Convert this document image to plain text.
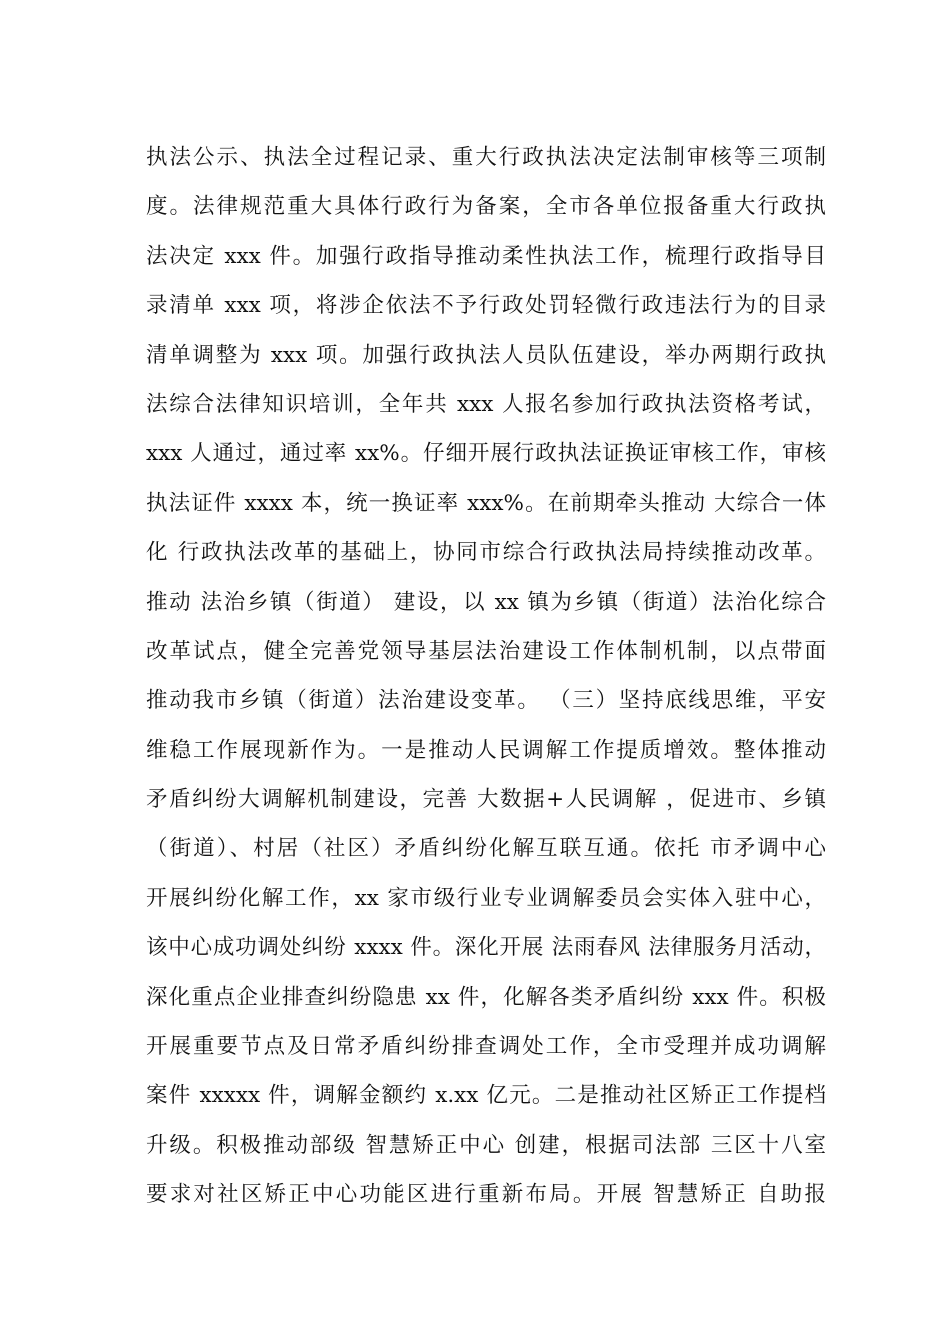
执法公示、执法全过程记录、重大行政执法决定法制审核等三项制
度。法律规范重大具体行政行为备案，全市各单位报备重大行政执
法决定 xxx 件。加强行政指导推动柔性执法工作，梳理行政指导目
录清单 xxx 项，将涉企依法不予行政处罚轻微行政违法行为的目录
清单调整为 xxx 项。加强行政执法人员队伍建设，举办两期行政执
法综合法律知识培训，全年共 xxx 人报名参加行政执法资格考试，
xxx 人通过，通过率 xx%。仔细开展行政执法证换证审核工作，审核
执法证件 xxxx 本，统一换证率 xxx%。在前期牵头推动 大综合一体
化 行政执法改革的基础上，协同市综合行政执法局持续推动改革。
推动 法治乡镇（街道） 建设，以 xx 镇为乡镇（街道）法治化综合
改革试点，健全完善党领导基层法治建设工作体制机制，以点带面
推动我市乡镇（街道）法治建设变革。 （三）坚持底线思维，平安
维稳工作展现新作为。一是推动人民调解工作提质增效。整体推动
矛盾纠纷大调解机制建设，完善 大数据+人民调解 ，促进市、乡镇
（街道）、村居（社区）矛盾纠纷化解互联互通。依托 市矛调中心
开展纠纷化解工作，xx 家市级行业专业调解委员会实体入驻中心，
该中心成功调处纠纷 xxxx 件。深化开展 法雨春风 法律服务月活动，
深化重点企业排查纠纷隐患 xx 件，化解各类矛盾纠纷 xxx 件。积极
开展重要节点及日常矛盾纠纷排查调处工作，全市受理并成功调解
案件 xxxxx 件，调解金额约 x.xx 亿元。二是推动社区矫正工作提档
升级。积极推动部级 智慧矫正中心 创建，根据司法部 三区十八室
要求对社区矫正中心功能区进行重新布局。开展 智慧矫正 自助报
